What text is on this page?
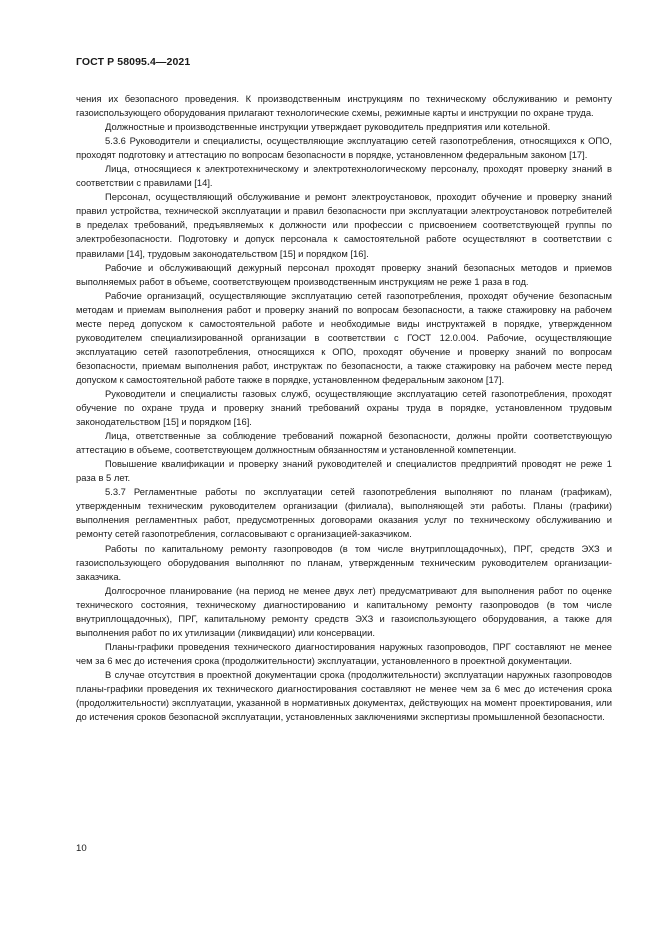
ГОСТ Р 58095.4—2021

чения их безопасного проведения. К производственным инструкциям по техническому обслуживанию и ремонту газоиспользующего оборудования прилагают технологические схемы, режимные карты и инструкции по охране труда.

Должностные и производственные инструкции утверждает руководитель предприятия или котельной.

5.3.6 Руководители и специалисты, осуществляющие эксплуатацию сетей газопотребления, относящихся к ОПО, проходят подготовку и аттестацию по вопросам безопасности в порядке, установленном федеральным законом [17].

Лица, относящиеся к электротехническому и электротехнологическому персоналу, проходят проверку знаний в соответствии с правилами [14].

Персонал, осуществляющий обслуживание и ремонт электроустановок, проходит обучение и проверку знаний правил устройства, технической эксплуатации и правил безопасности при эксплуатации электроустановок потребителей в пределах требований, предъявляемых к должности или профессии с присвоением соответствующей группы по электробезопасности. Подготовку и допуск персонала к самостоятельной работе осуществляют в соответствии с правилами [14], трудовым законодательством [15] и порядком [16].

Рабочие и обслуживающий дежурный персонал проходят проверку знаний безопасных методов и приемов выполняемых работ в объеме, соответствующем производственным инструкциям не реже 1 раза в год.

Рабочие организаций, осуществляющие эксплуатацию сетей газопотребления, проходят обучение безопасным методам и приемам выполнения работ и проверку знаний по вопросам безопасности, а также стажировку на рабочем месте перед допуском к самостоятельной работе и необходимые виды инструктажей в порядке, утвержденном руководителем специализированной организации в соответствии с ГОСТ 12.0.004. Рабочие, осуществляющие эксплуатацию сетей газопотребления, относящихся к ОПО, проходят обучение и проверку знаний по вопросам безопасности, приемам выполнения работ, инструктаж по безопасности, а также стажировку на рабочем месте перед допуском к самостоятельной работе также в порядке, установленном федеральным законом [17].

Руководители и специалисты газовых служб, осуществляющие эксплуатацию сетей газопотребления, проходят обучение по охране труда и проверку знаний требований охраны труда в порядке, установленном трудовым законодательством [15] и порядком [16].

Лица, ответственные за соблюдение требований пожарной безопасности, должны пройти соответствующую аттестацию в объеме, соответствующем должностным обязанностям и установленной компетенции.

Повышение квалификации и проверку знаний руководителей и специалистов предприятий проводят не реже 1 раза в 5 лет.

5.3.7 Регламентные работы по эксплуатации сетей газопотребления выполняют по планам (графикам), утвержденным техническим руководителем организации (филиала), выполняющей эти работы. Планы (графики) выполнения регламентных работ, предусмотренных договорами оказания услуг по техническому обслуживанию и ремонту сетей газопотребления, согласовывают с организацией-заказчиком.

Работы по капитальному ремонту газопроводов (в том числе внутриплощадочных), ПРГ, средств ЭХЗ и газоиспользующего оборудования выполняют по планам, утвержденным техническим руководителем организации-заказчика.

Долгосрочное планирование (на период не менее двух лет) предусматривают для выполнения работ по оценке технического состояния, техническому диагностированию и капитальному ремонту газопроводов (в том числе внутриплощадочных), ПРГ, капитальному ремонту средств ЭХЗ и газоиспользующего оборудования, а также для выполнения работ по их утилизации (ликвидации) или консервации.

Планы-графики проведения технического диагностирования наружных газопроводов, ПРГ составляют не менее чем за 6 мес до истечения срока (продолжительности) эксплуатации, установленного в проектной документации.

В случае отсутствия в проектной документации срока (продолжительности) эксплуатации наружных газопроводов планы-графики проведения их технического диагностирования составляют не менее чем за 6 мес до истечения срока (продолжительности) эксплуатации, указанной в нормативных документах, действующих на момент проектирования, или до истечения сроков безопасной эксплуатации, установленных заключениями экспертизы промышленной безопасности.

10
